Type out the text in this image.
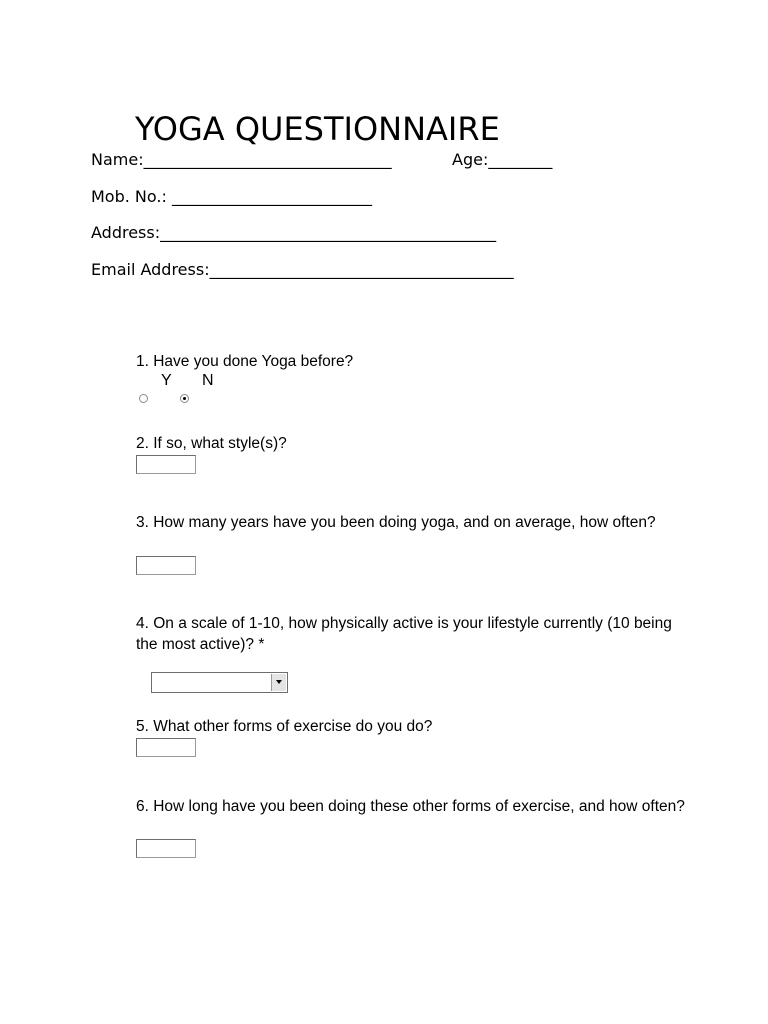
YOGA QUESTIONNAIRE
Name:_______________________________	Age:________
Mob. No.: _________________________
Address:__________________________________________
Email Address:______________________________________
1. Have you done Yoga before?
Y N
2. If so, what style(s)?
3. How many years have you been doing yoga, and on average, how often?
4. On a scale of 1-10, how physically active is your lifestyle currently (10 being the most active)? *
5. What other forms of exercise do you do?
6. How long have you been doing these other forms of exercise, and how often?
